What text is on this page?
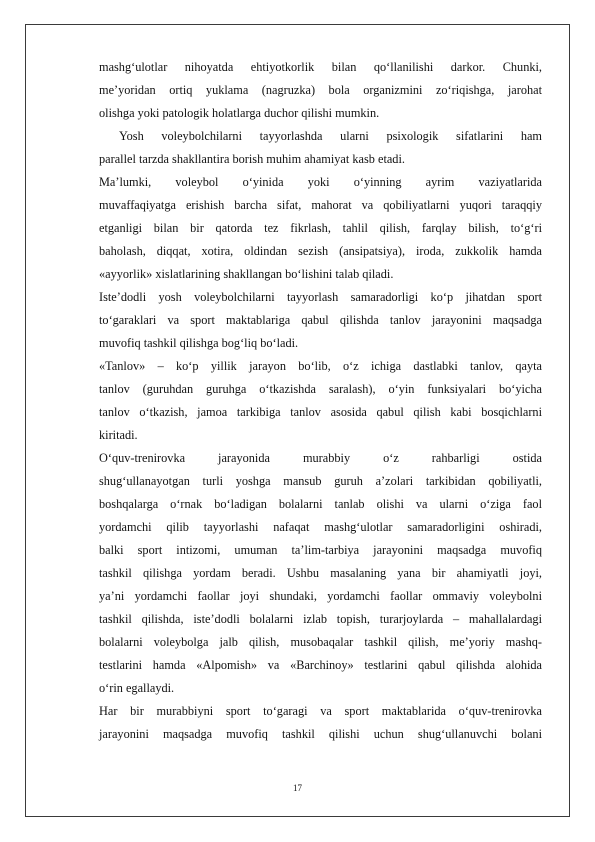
mashg‘ulotlar nihoyatda ehtiyotkorlik bilan qo‘llanilishi darkor. Chunki,
me’yoridan ortiq yuklama (nagruzka) bola organizmini zo‘riqishga, jarohat
olishga yoki patologik holatlarga duchor qilishi mumkin.
Yosh voleybolchilarni tayyorlashda ularni psixologik sifatlarini ham
parallel tarzda shakllantira borish muhim ahamiyat kasb etadi.
Ma’lumki, voleybol o‘yinida yoki o‘yinning ayrim vaziyatlarida
muvaffaqiyatga erishish barcha sifat, mahorat va qobiliyatlarni yuqori taraqqiy
etganligi bilan bir qatorda tez fikrlash, tahlil qilish, farqlay bilish, to‘g‘ri
baholash, diqqat, xotira, oldindan sezish (ansipatsiya), iroda, zukkolik hamda
«ayyorlik» xislatlarining shakllangan bo‘lishini talab qiladi.
Iste’dodli yosh voleybolchilarni tayyorlash samaradorligi ko‘p jihatdan sport
to‘garaklari va sport maktablariga qabul qilishda tanlov jarayonini maqsadga
muvofiq tashkil qilishga bog‘liq bo‘ladi.
«Tanlov» – ko‘p yillik jarayon bo‘lib, o‘z ichiga dastlabki tanlov, qayta
tanlov (guruhdan guruhga o‘tkazishda saralash), o‘yin funksiyalari bo‘yicha
tanlov o‘tkazish, jamoa tarkibiga tanlov asosida qabul qilish kabi bosqichlarni
kiritadi.
O‘quv-trenirovka jarayonida murabbiy o‘z rahbarligi ostida
shug‘ullanayotgan turli yoshga mansub guruh a’zolari tarkibidan qobiliyatli,
boshqalarga o‘rnak bo‘ladigan bolalarni tanlab olishi va ularni o‘ziga faol
yordamchi qilib tayyorlashi nafaqat mashg‘ulotlar samaradorligini oshiradi,
balki sport intizomi, umuman ta’lim-tarbiya jarayonini maqsadga muvofiq
tashkil qilishga yordam beradi. Ushbu masalaning yana bir ahamiyatli joyi,
ya’ni yordamchi faollar joyi shundaki, yordamchi faollar ommaviy voleybolni
tashkil qilishda, iste’dodli bolalarni izlab topish, turarjoylarda – mahallalardagi
bolalarni voleybolga jalb qilish, musobaqalar tashkil qilish, me’yoriy mashq-
testlarini hamda «Alpomish» va «Barchinoy» testlarini qabul qilishda alohida
o‘rin egallaydi.
Har bir murabbiyni sport to‘garagi va sport maktablarida o‘quv-trenirovka
jarayonini maqsadga muvofiq tashkil qilishi uchun shug‘ullanuvchi bolani
17
